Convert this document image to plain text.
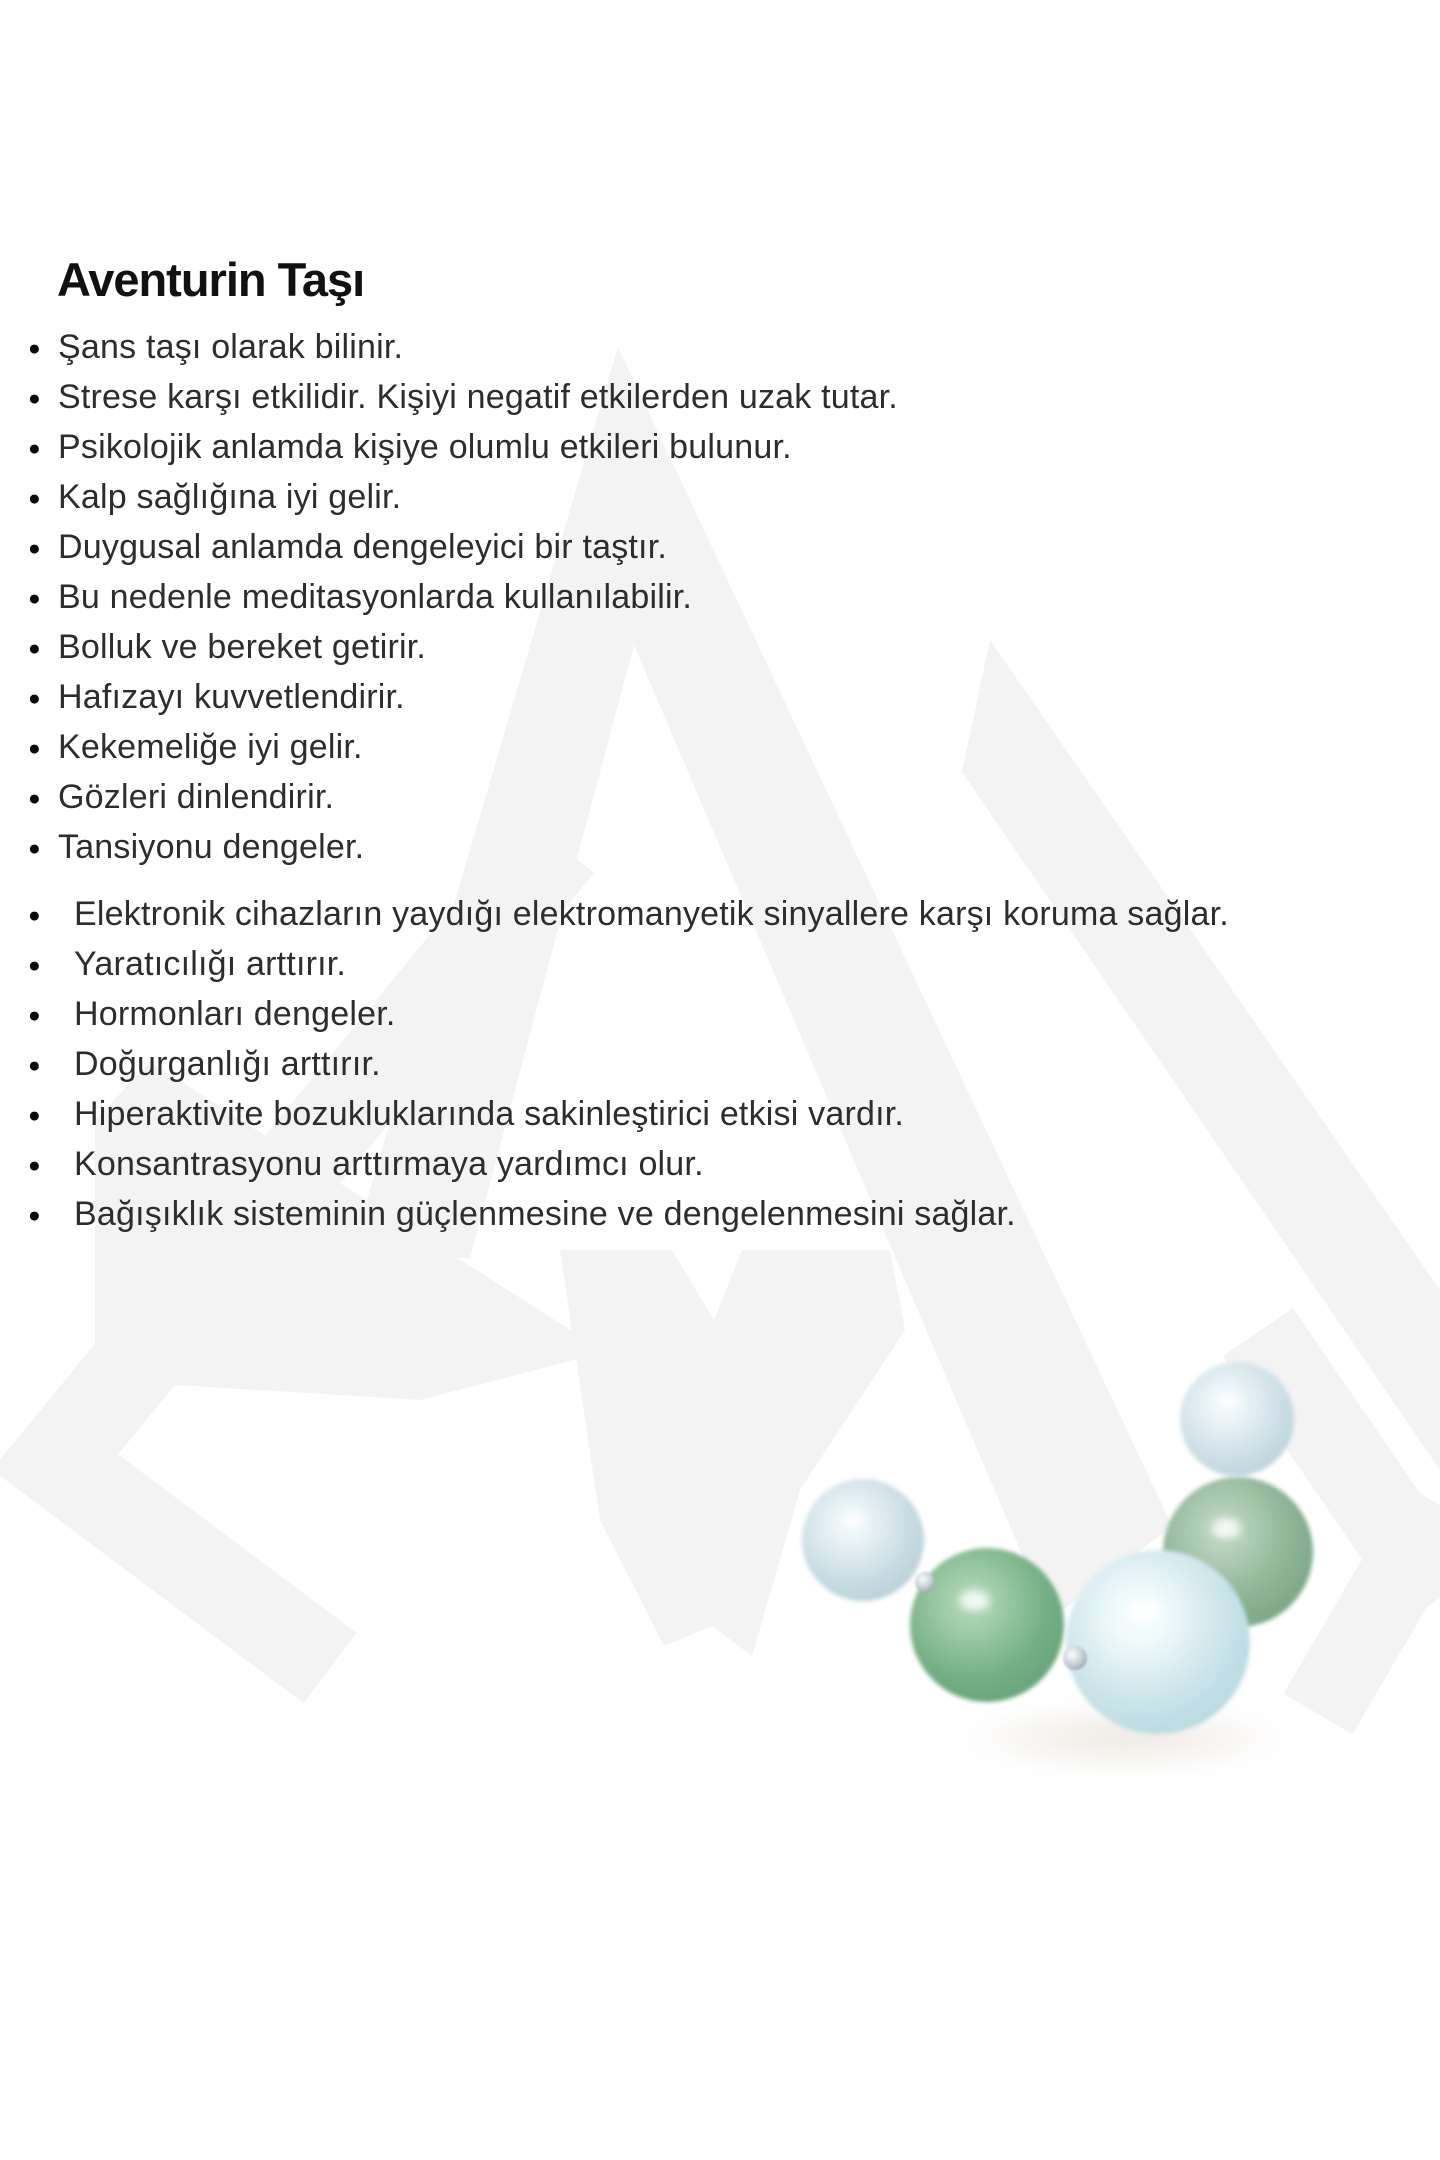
Aventurin Taşı
● Şans taşı olarak bilinir.
● Strese karşı etkilidir. Kişiyi negatif etkilerden uzak tutar.
● Psikolojik anlamda kişiye olumlu etkileri bulunur.
● Kalp sağlığına iyi gelir.
● Duygusal anlamda dengeleyici bir taştır.
● Bu nedenle meditasyonlarda kullanılabilir.
● Bolluk ve bereket getirir.
● Hafızayı kuvvetlendirir.
● Kekemeliğe iyi gelir.
● Gözleri dinlendirir.
● Tansiyonu dengeler.
● Elektronik cihazların yaydığı elektromanyetik sinyallere karşı koruma sağlar.
● Yaratıcılığı arttırır.
● Hormonları dengeler.
● Doğurganlığı arttırır.
● Hiperaktivite bozukluklarında sakinleştirici etkisi vardır.
● Konsantrasyonu arttırmaya yardımcı olur.
● Bağışıklık sisteminin güçlenmesine ve dengelenmesini sağlar.
